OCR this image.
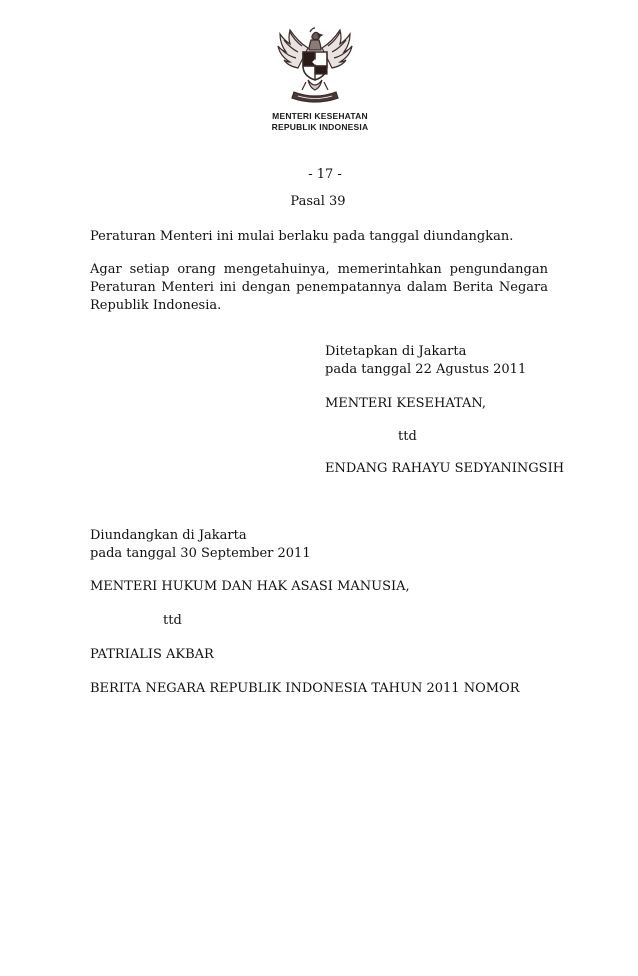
MENTERI KESEHATAN
REPUBLIK INDONESIA
- 17 -
Pasal 39
Peraturan Menteri ini mulai berlaku pada tanggal diundangkan.
Agar setiap orang mengetahuinya, memerintahkan pengundangan
Peraturan Menteri ini dengan penempatannya dalam Berita Negara
Republik Indonesia.
Ditetapkan di Jakarta
pada tanggal 22 Agustus 2011
MENTERI KESEHATAN,
ttd
ENDANG RAHAYU SEDYANINGSIH
Diundangkan di Jakarta
pada tanggal 30 September 2011
MENTERI HUKUM DAN HAK ASASI MANUSIA,
ttd
PATRIALIS AKBAR
BERITA NEGARA REPUBLIK INDONESIA TAHUN 2011 NOMOR
